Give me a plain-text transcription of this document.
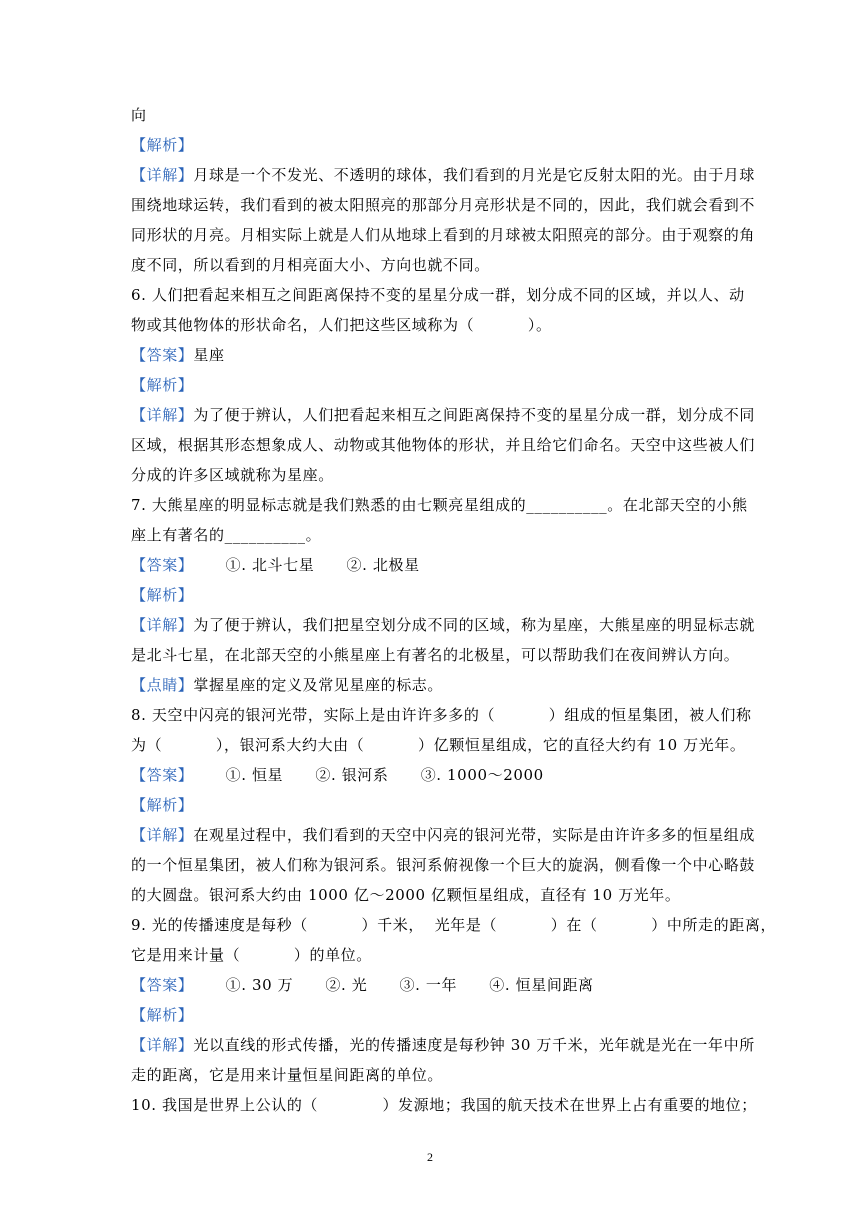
向
【解析】
【详解】月球是一个不发光、不透明的球体，我们看到的月光是它反射太阳的光。由于月球
围绕地球运转，我们看到的被太阳照亮的那部分月亮形状是不同的，因此，我们就会看到不
同形状的月亮。月相实际上就是人们从地球上看到的月球被太阳照亮的部分。由于观察的角
度不同，所以看到的月相亮面大小、方向也就不同。
6. 人们把看起来相互之间距离保持不变的星星分成一群，划分成不同的区域，并以人、动
物或其他物体的形状命名，人们把这些区域称为（          ）。
【答案】星座
【解析】
【详解】为了便于辨认，人们把看起来相互之间距离保持不变的星星分成一群，划分成不同
区域，根据其形态想象成人、动物或其他物体的形状，并且给它们命名。天空中这些被人们
分成的许多区域就称为星座。
7. 大熊星座的明显标志就是我们熟悉的由七颗亮星组成的__________。在北部天空的小熊
座上有著名的__________。
【答案】      ①. 北斗七星      ②. 北极星
【解析】
【详解】为了便于辨认，我们把星空划分成不同的区域，称为星座，大熊星座的明显标志就
是北斗七星，在北部天空的小熊星座上有著名的北极星，可以帮助我们在夜间辨认方向。
【点睛】掌握星座的定义及常见星座的标志。
8. 天空中闪亮的银河光带，实际上是由许许多多的（          ）组成的恒星集团，被人们称
为（          ），银河系大约大由（          ）亿颗恒星组成，它的直径大约有 10 万光年。
【答案】      ①. 恒星      ②. 银河系      ③. 1000～2000
【解析】
【详解】在观星过程中，我们看到的天空中闪亮的银河光带，实际是由许许多多的恒星组成
的一个恒星集团，被人们称为银河系。银河系俯视像一个巨大的旋涡，侧看像一个中心略鼓
的大圆盘。银河系大约由 1000 亿～2000 亿颗恒星组成，直径有 10 万光年。
9. 光的传播速度是每秒（          ）千米，  光年是（          ）在（          ）中所走的距离，
它是用来计量（          ）的单位。
【答案】      ①. 30 万      ②. 光      ③. 一年      ④. 恒星间距离
【解析】
【详解】光以直线的形式传播，光的传播速度是每秒钟 30 万千米，光年就是光在一年中所
走的距离，它是用来计量恒星间距离的单位。
10. 我国是世界上公认的（            ）发源地；我国的航天技术在世界上占有重要的地位；
2
